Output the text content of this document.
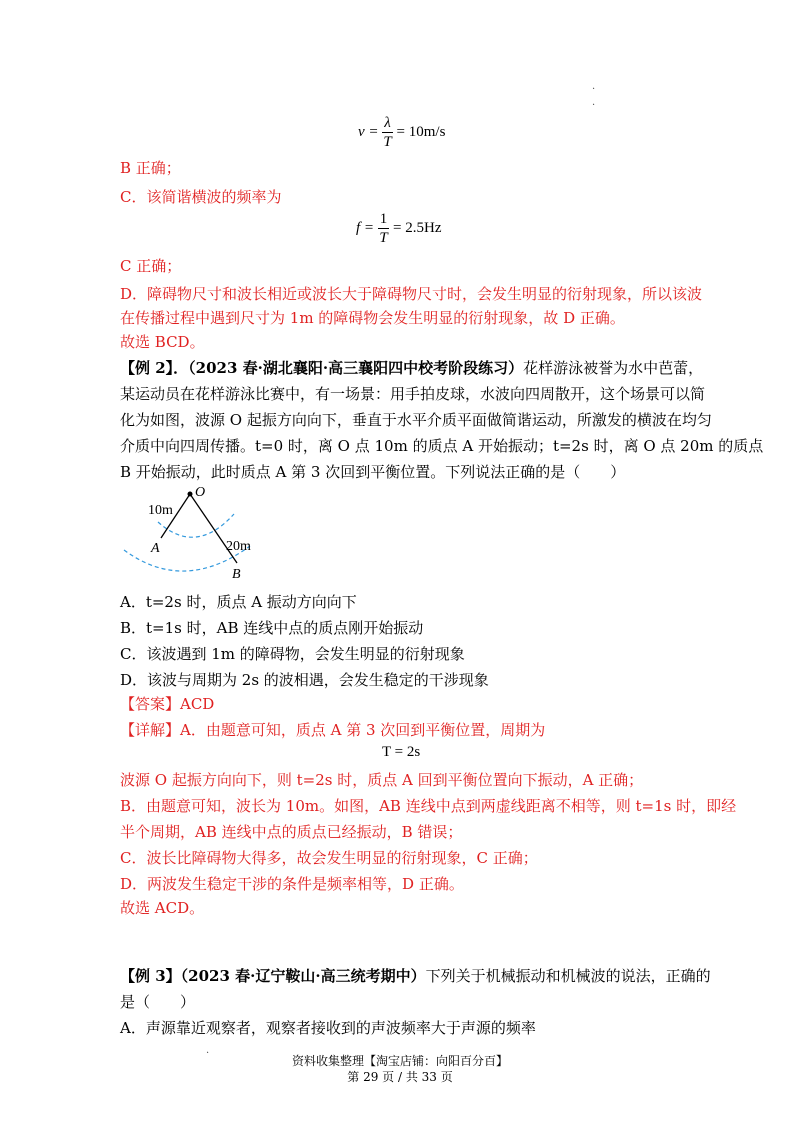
·
·
$v = \frac{\lambda}{T} = 10m/s$
B 正确；
C．该简谐横波的频率为
$f = \frac{1}{T} = 2.5Hz$
C 正确；
D．障碍物尺寸和波长相近或波长大于障碍物尺寸时，会发生明显的衍射现象，所以该波
在传播过程中遇到尺寸为 1m 的障碍物会发生明显的衍射现象，故 D 正确。
故选 BCD。
【例 2】．（2023 春·湖北襄阳·高三襄阳四中校考阶段练习）花样游泳被誉为水中芭蕾，
某运动员在花样游泳比赛中，有一场景：用手拍皮球，水波向四周散开，这个场景可以简
化为如图，波源 O 起振方向向下，垂直于水平介质平面做简谐运动，所激发的横波在均匀
介质中向四周传播。t=0 时，离 O 点 10m 的质点 A 开始振动；t=2s 时，离 O 点 20m 的质点
B 开始振动，此时质点 A 第 3 次回到平衡位置。下列说法正确的是（　　）
O
10m
A	20m
B
A．t=2s 时，质点 A 振动方向向下
B．t=1s 时，AB 连线中点的质点刚开始振动
C．该波遇到 1m 的障碍物，会发生明显的衍射现象
D．该波与周期为 2s 的波相遇，会发生稳定的干涉现象
【答案】ACD
【详解】A．由题意可知，质点 A 第 3 次回到平衡位置，周期为
T = 2s
波源 O 起振方向向下，则 t=2s 时，质点 A 回到平衡位置向下振动，A 正确；
B．由题意可知，波长为 10m。如图，AB 连线中点到两虚线距离不相等，则 t=1s 时，即经
半个周期，AB 连线中点的质点已经振动，B 错误；
C．波长比障碍物大得多，故会发生明显的衍射现象，C 正确；
D．两波发生稳定干涉的条件是频率相等，D 正确。
故选 ACD。
【例 3】（2023 春·辽宁鞍山·高三统考期中）下列关于机械振动和机械波的说法，正确的
是（　　）
A．声源靠近观察者，观察者接收到的声波频率大于声源的频率
·
资料收集整理【淘宝店铺：向阳百分百】
第 29 页 / 共 33 页
